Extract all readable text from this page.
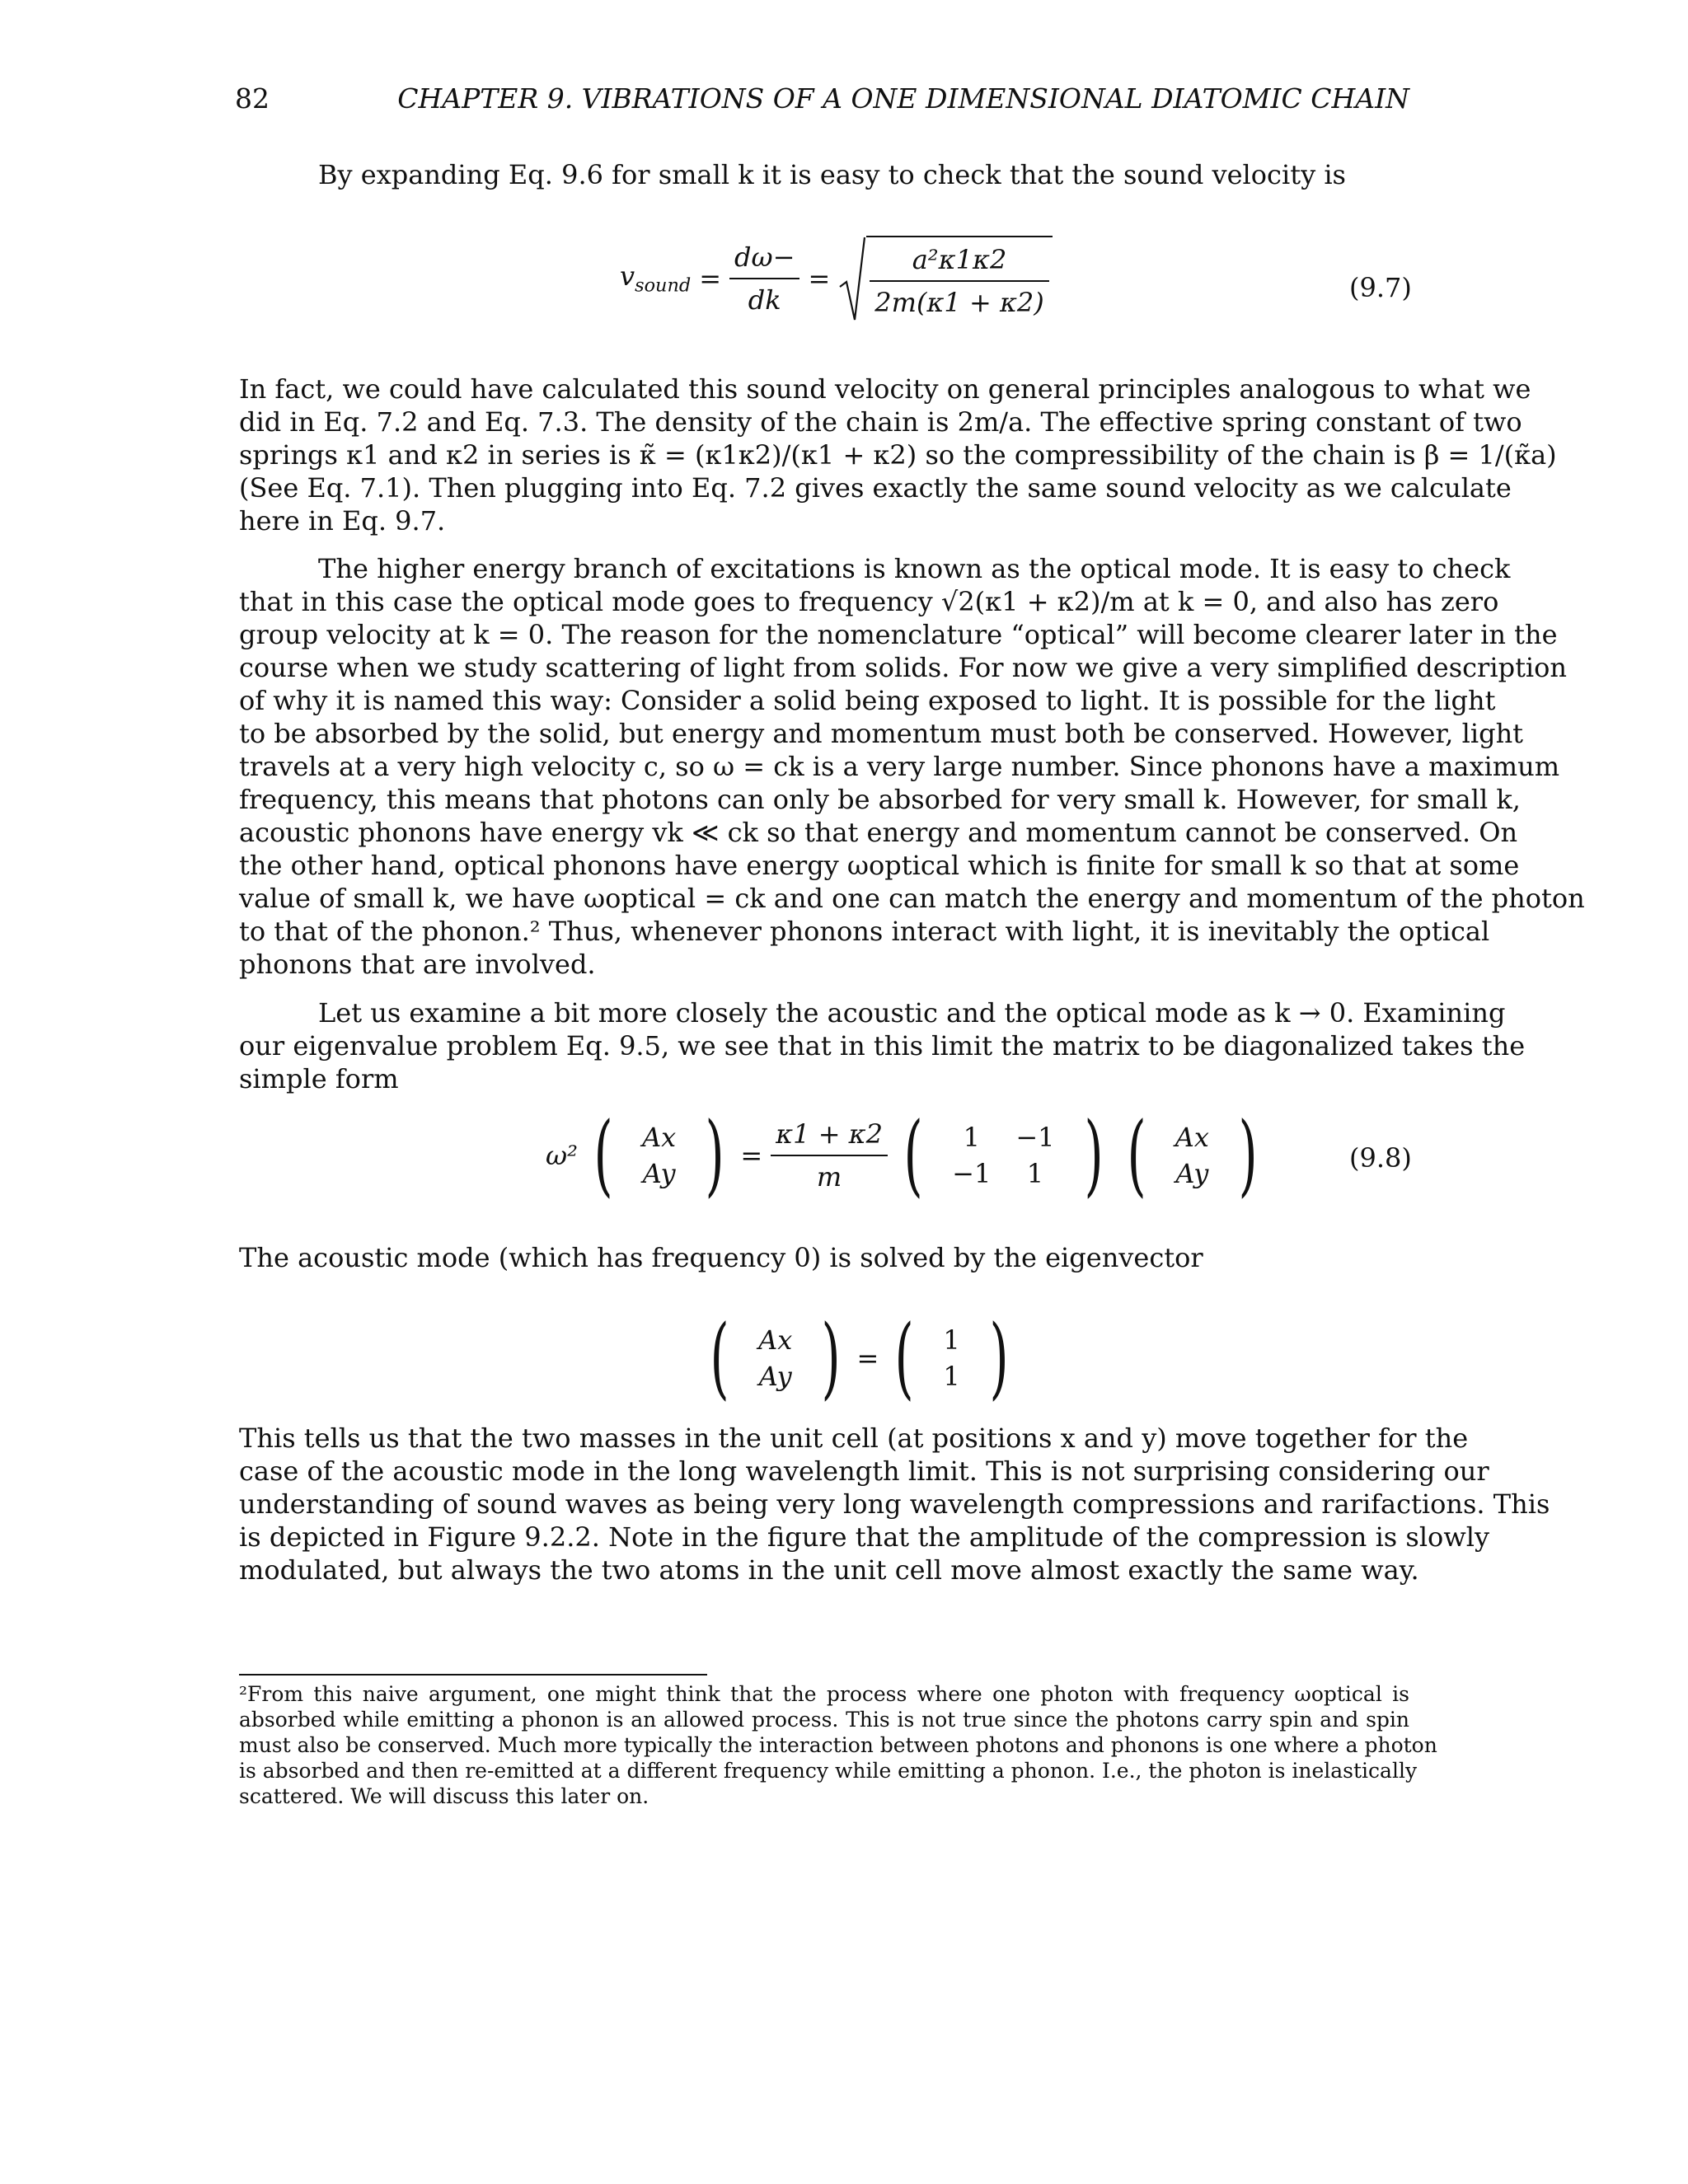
82	CHAPTER 9. VIBRATIONS OF A ONE DIMENSIONAL DIATOMIC CHAIN
By expanding Eq. 9.6 for small k it is easy to check that the sound velocity is
$v_{sound} = \frac{d\omega-}{dk} = \frac{\text{a²κ1κ2}}{2m(\kappa 1 + \kappa 2)}$	(9.7)
In fact, we could have calculated this sound velocity on general principles analogous to what we
did in Eq. 7.2 and Eq. 7.3. The density of the chain is 2m/a. The effective spring constant of two
springs κ1 and κ2 in series is κ̃ = (κ1κ2)/(κ1 + κ2) so the compressibility of the chain is β = 1/(κ̃a)
(See Eq. 7.1). Then plugging into Eq. 7.2 gives exactly the same sound velocity as we calculate
here in Eq. 9.7.
The higher energy branch of excitations is known as the optical mode. It is easy to check
that in this case the optical mode goes to frequency √2(κ1 + κ2)/m at k = 0, and also has zero
group velocity at k = 0. The reason for the nomenclature “optical” will become clearer later in the
course when we study scattering of light from solids. For now we give a very simplified description
of why it is named this way: Consider a solid being exposed to light. It is possible for the light
to be absorbed by the solid, but energy and momentum must both be conserved. However, light
travels at a very high velocity c, so ω = ck is a very large number. Since phonons have a maximum
frequency, this means that photons can only be absorbed for very small k. However, for small k,
acoustic phonons have energy vk ≪ ck so that energy and momentum cannot be conserved. On
the other hand, optical phonons have energy ωoptical which is finite for small k so that at some
value of small k, we have ωoptical = ck and one can match the energy and momentum of the photon
to that of the phonon.² Thus, whenever phonons interact with light, it is inevitably the optical
phonons that are involved.
Let us examine a bit more closely the acoustic and the optical mode as k → 0. Examining
our eigenvalue problem Eq. 9.5, we see that in this limit the matrix to be diagonalized takes the
simple form
ω² ( Ax
Ay ) = $\frac{\kappa 1 + \kappa 2}{m}$ ( 1	−1
−1	1 ) ( Ax
Ay )	(9.8)
The acoustic mode (which has frequency 0) is solved by the eigenvector
( Ax
Ay ) = ( 1
1 )
This tells us that the two masses in the unit cell (at positions x and y) move together for the
case of the acoustic mode in the long wavelength limit. This is not surprising considering our
understanding of sound waves as being very long wavelength compressions and rarifactions. This
is depicted in Figure 9.2.2. Note in the figure that the amplitude of the compression is slowly
modulated, but always the two atoms in the unit cell move almost exactly the same way.
²From this naive argument, one might think that the process where one photon with frequency ωoptical is
absorbed while emitting a phonon is an allowed process. This is not true since the photons carry spin and spin
must also be conserved. Much more typically the interaction between photons and phonons is one where a photon
is absorbed and then re-emitted at a different frequency while emitting a phonon. I.e., the photon is inelastically
scattered. We will discuss this later on.
